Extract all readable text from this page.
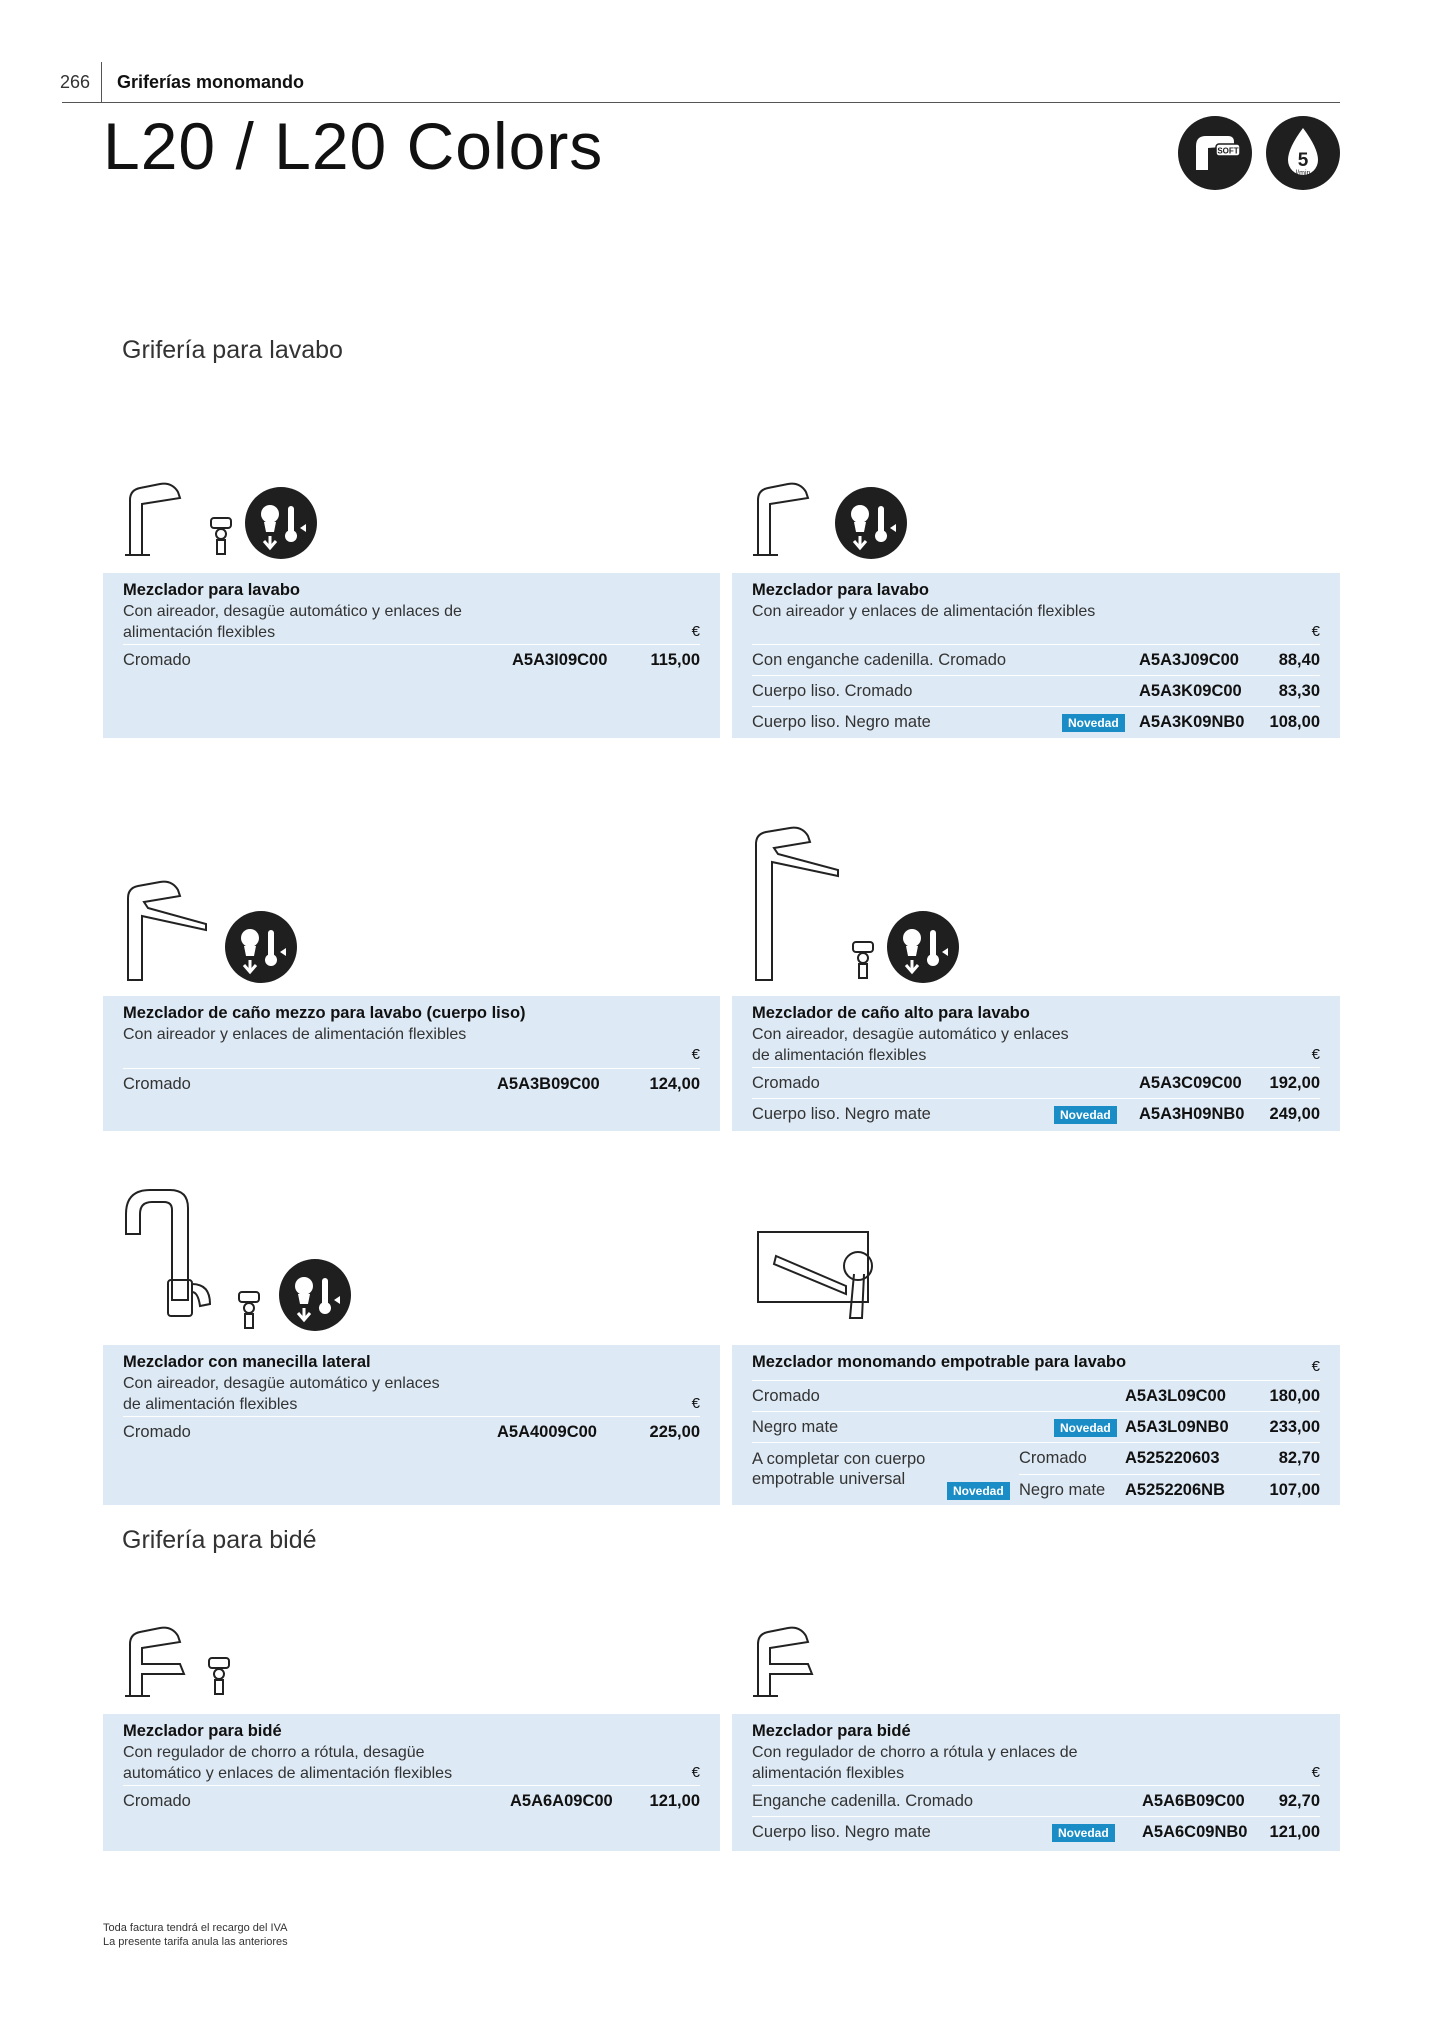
266 Griferías monomando
L20 / L20 Colors	SOFT	5
l/min
Grifería para lavabo
Mezclador para lavabo
Con aireador, desagüe automático y enlaces de
alimentación flexibles	€
Cromado	A5A3I09C00	115,00
Mezclador para lavabo
Con aireador y enlaces de alimentación flexibles
€
Con enganche cadenilla. Cromado	A5A3J09C00 88,40
Cuerpo liso. Cromado	A5A3K09C00 83,30
Cuerpo liso. Negro mate	Novedad	A5A3K09NB0 108,00
Mezclador de caño mezzo para lavabo (cuerpo liso)
Con aireador y enlaces de alimentación flexibles
€
Cromado	A5A3B09C00	124,00
Mezclador de caño alto para lavabo
Con aireador, desagüe automático y enlaces
de alimentación flexibles	€
Cromado	A5A3C09C00 192,00
Cuerpo liso. Negro mate	Novedad	A5A3H09NB0 249,00
Mezclador con manecilla lateral
Con aireador, desagüe automático y enlaces
de alimentación flexibles	€
Cromado	A5A4009C00	225,00
Mezclador monomando empotrable para lavabo	€
Cromado	A5A3L09C00	180,00
Negro mate	Novedad A5A3L09NB0 233,00
A completar con cuerpo
empotrable universal
Cromado A525220603	82,70
Novedad Negro mate A5252206NB	107,00
Grifería para bidé
Mezclador para bidé
Con regulador de chorro a rótula, desagüe
automático y enlaces de alimentación flexibles	€
Cromado	A5A6A09C00 121,00
Mezclador para bidé
Con regulador de chorro a rótula y enlaces de
alimentación flexibles	€
Enganche cadenilla. Cromado	A5A6B09C00 92,70
Cuerpo liso. Negro mate	Novedad	A5A6C09NB0 121,00
Toda factura tendrá el recargo del IVA
La presente tarifa anula las anteriores
